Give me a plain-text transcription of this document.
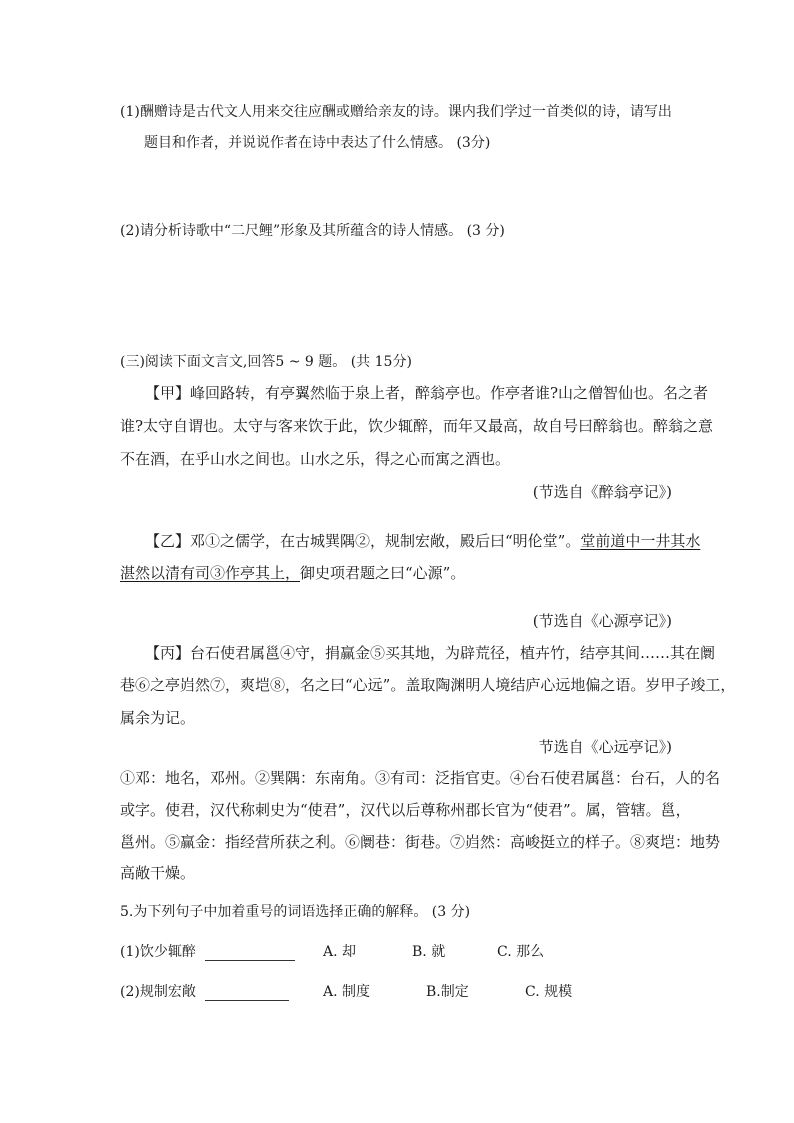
(1)酬赠诗是古代文人用来交往应酬或赠给亲友的诗。课内我们学过一首类似的诗，请写出
题目和作者，并说说作者在诗中表达了什么情感。 (3分)
(2)请分析诗歌中“二尺鲤”形象及其所蕴含的诗人情感。 (3 分)
(三)阅读下面文言文,回答5 ~ 9 题。 (共 15分)
【甲】峰回路转，有亭翼然临于泉上者，醉翁亭也。作亭者谁?山之僧智仙也。名之者
谁?太守自谓也。太守与客来饮于此，饮少辄醉，而年又最高，故自号曰醉翁也。醉翁之意
不在酒，在乎山水之间也。山水之乐，得之心而寓之酒也。
(节选自《醉翁亭记》)
【乙】邓①之儒学，在古城巽隅②，规制宏敞，殿后曰“明伦堂”。堂前道中一井其水
湛然以清有司③作亭其上，御史项君题之曰“心源”。
(节选自《心源亭记》)
【丙】台石使君属邕④守，捐赢金⑤买其地，为辟荒径，植卉竹，结亭其间……其在阛
巷⑥之亭岿然⑦，爽垲⑧，名之曰“心远”。盖取陶渊明人境结庐心远地偏之语。岁甲子竣工，
属余为记。
节选自《心远亭记》)
①邓：地名，邓州。②巽隅：东南角。③有司：泛指官吏。④台石使君属邕：台石，人的名
或字。使君，汉代称刺史为“使君”，汉代以后尊称州郡长官为“使君”。属，管辖。邕，
邕州。⑤赢金：指经营所获之利。⑥阛巷：街巷。⑦岿然：高峻挺立的样子。⑧爽垲：地势
高敞干燥。
5.为下列句子中加着重号的词语选择正确的解释。 (3 分)
(1)饮少辄醉	A. 却	B. 就	C. 那么
(2)规制宏敞	A. 制度	B.制定	C. 规模
